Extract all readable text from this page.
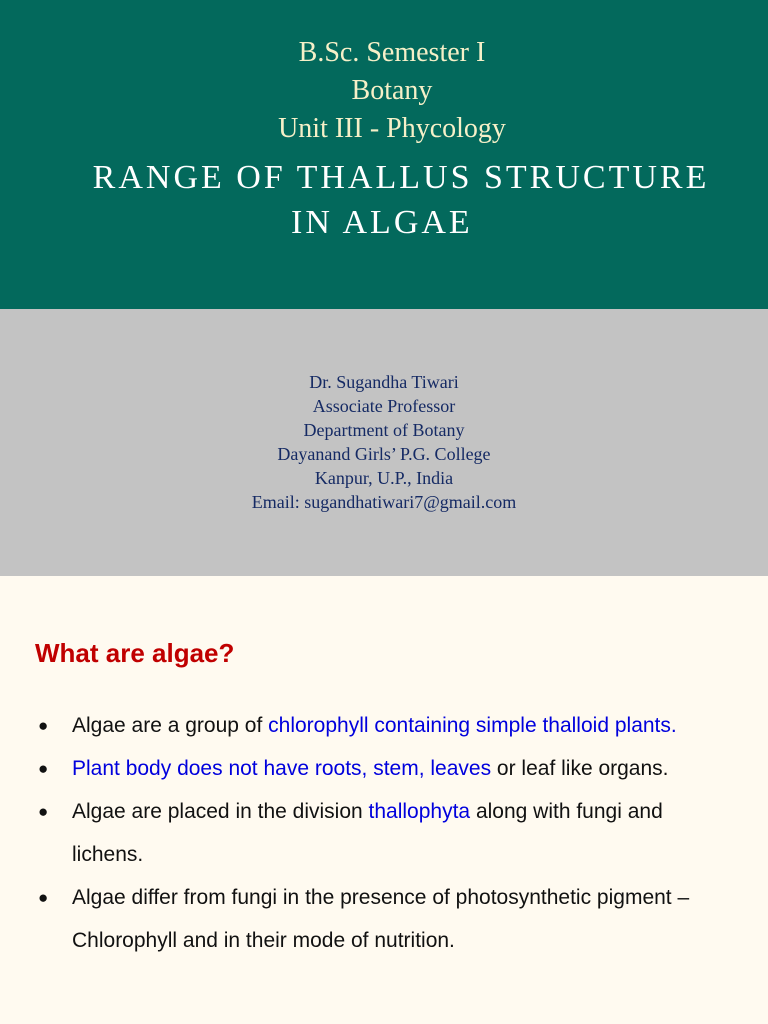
B.Sc. Semester I
Botany
Unit III - Phycology
RANGE OF THALLUS STRUCTURE
IN ALGAE
Dr. Sugandha Tiwari
Associate Professor
Department of Botany
Dayanand Girls’ P.G. College
Kanpur, U.P., India
Email: sugandhatiwari7@gmail.com
What are algae?
●	Algae are a group of chlorophyll containing simple thalloid plants.
●	Plant body does not have roots, stem, leaves or leaf like organs.
●	Algae are placed in the division thallophyta along with fungi and lichens.
●	Algae differ from fungi in the presence of photosynthetic pigment – Chlorophyll and in their mode of nutrition.
